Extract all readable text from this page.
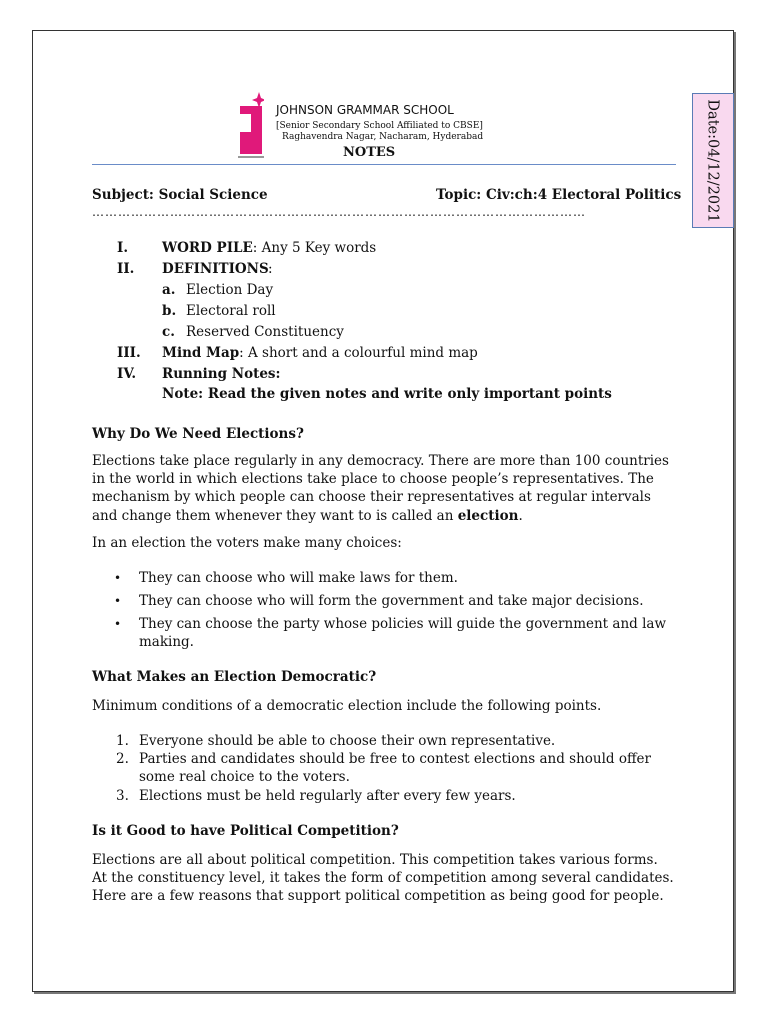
Date:04/12/2021
JOHNSON GRAMMAR SCHOOL
[Senior Secondary School Affiliated to CBSE]
Raghavendra Nagar, Nacharam, Hyderabad
NOTES
Subject: Social Science	Topic: Civ:ch:4 Electoral Politics
……………………………………………………………………………………………………
I.	WORD PILE: Any 5 Key words
II. DEFINITIONS :
a. Election Day
b. Electoral roll
c. Reserved Constituency
III. Mind Map: A short and a colourful mind map
IV. Running Notes:
Note: Read the given notes and write only important points
Why Do We Need Elections?
Elections take place regularly in any democracy. There are more than 100 countries
in the world in which elections take place to choose people’s representatives. The
mechanism by which people can choose their representatives at regular intervals
and change them whenever they want to is called an election.
In an election the voters make many choices:
• They can choose who will make laws for them.
• They can choose who will form the government and take major decisions.
• They can choose the party whose policies will guide the government and law
making.
What Makes an Election Democratic?
Minimum conditions of a democratic election include the following points.
1. Everyone should be able to choose their own representative.
2. Parties and candidates should be free to contest elections and should offer
some real choice to the voters.
3. Elections must be held regularly after every few years.
Is it Good to have Political Competition?
Elections are all about political competition. This competition takes various forms.
At the constituency level, it takes the form of competition among several candidates.
Here are a few reasons that support political competition as being good for people.
